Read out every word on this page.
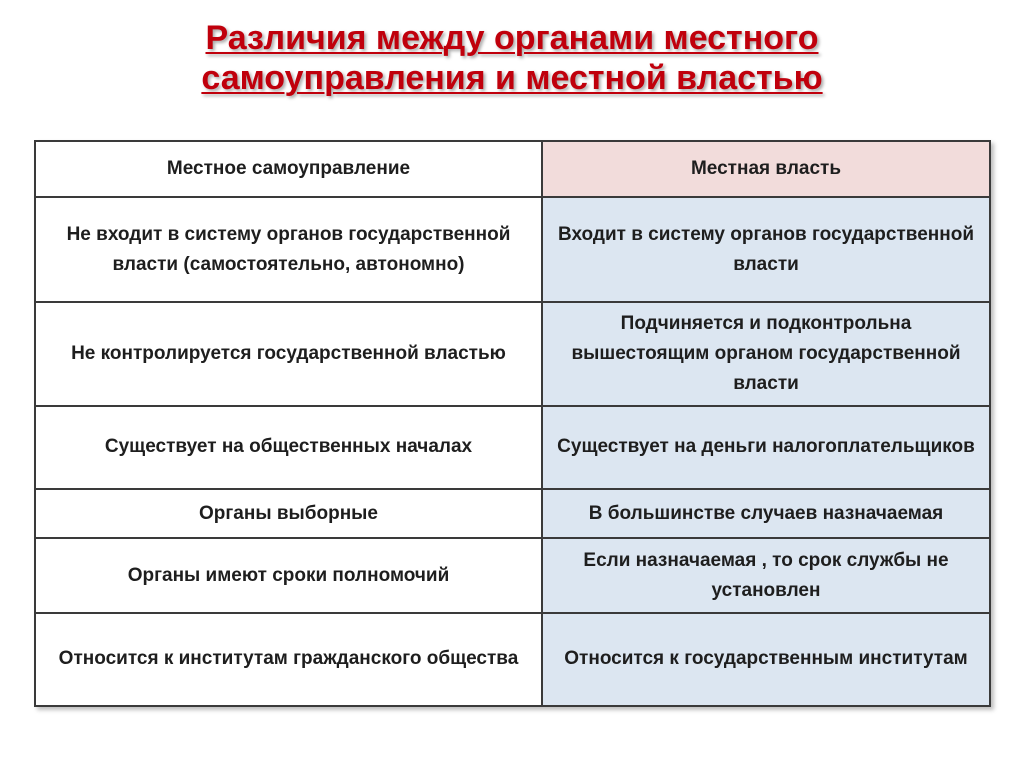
Различия между органами местного
самоуправления и местной властью
Местное самоуправление	Местная власть
Не входит в систему органов государственной власти (самостоятельно, автономно)	Входит в систему органов государственной власти
Не контролируется государственной властью	Подчиняется и подконтрольна вышестоящим органом государственной власти
Существует на общественных началах	Существует на деньги налогоплательщиков
Органы выборные	В большинстве случаев назначаемая
Органы имеют сроки полномочий	Если назначаемая , то срок службы не установлен
Относится к институтам гражданского общества	Относится к государственным институтам
